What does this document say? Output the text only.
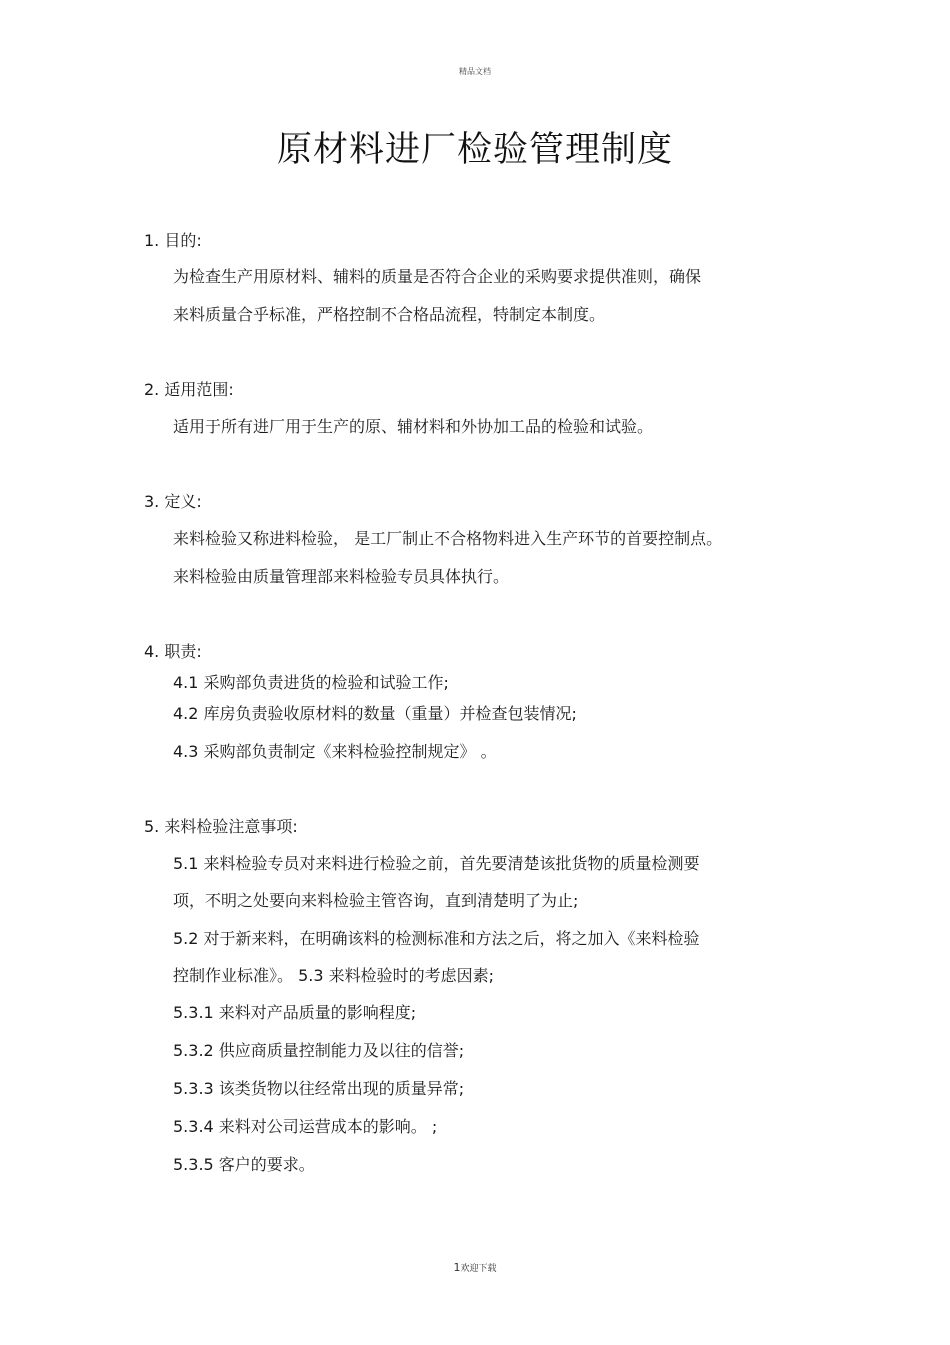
精品文档
原材料进厂检验管理制度
1. 目的:
为检查生产用原材料、辅料的质量是否符合企业的采购要求提供准则，确保
来料质量合乎标准，严格控制不合格品流程，特制定本制度。
2. 适用范围:
适用于所有进厂用于生产的原、辅材料和外协加工品的检验和试验。
3. 定义:
来料检验又称进料检验， 是工厂制止不合格物料进入生产环节的首要控制点。
来料检验由质量管理部来料检验专员具体执行。
4. 职责:
4.1 采购部负责进货的检验和试验工作;
4.2 库房负责验收原材料的数量（重量）并检查包装情况;
4.3 采购部负责制定《来料检验控制规定》 。
5. 来料检验注意事项:
5.1 来料检验专员对来料进行检验之前，首先要清楚该批货物的质量检测要
项，不明之处要向来料检验主管咨询，直到清楚明了为止;
5.2 对于新来料，在明确该料的检测标准和方法之后，将之加入《来料检验
控制作业标准》。 5.3 来料检验时的考虑因素;
5.3.1 来料对产品质量的影响程度;
5.3.2 供应商质量控制能力及以往的信誉;
5.3.3 该类货物以往经常出现的质量异常;
5.3.4 来料对公司运营成本的影响。 ;
5.3.5 客户的要求。
1欢迎下载
